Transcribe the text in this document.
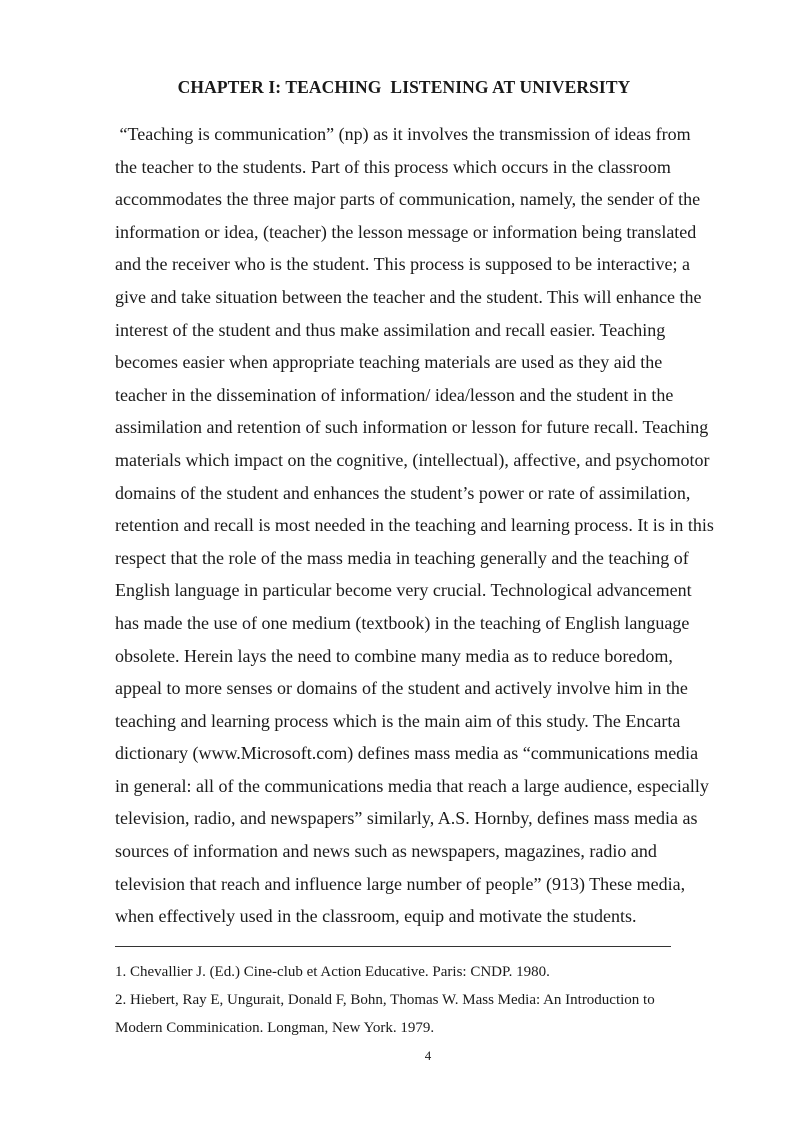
CHAPTER I: TEACHING  LISTENING AT UNIVERSITY
“Teaching is communication” (np) as it involves the transmission of ideas from
the teacher to the students. Part of this process which occurs in the classroom
accommodates the three major parts of communication, namely, the sender of the
information or idea, (teacher) the lesson message or information being translated
and the receiver who is the student. This process is supposed to be interactive; a
give and take situation between the teacher and the student. This will enhance the
interest of the student and thus make assimilation and recall easier. Teaching
becomes easier when appropriate teaching materials are used as they aid the
teacher in the dissemination of information/ idea/lesson and the student in the
assimilation and retention of such information or lesson for future recall. Teaching
materials which impact on the cognitive, (intellectual), affective, and psychomotor
domains of the student and enhances the student’s power or rate of assimilation,
retention and recall is most needed in the teaching and learning process. It is in this
respect that the role of the mass media in teaching generally and the teaching of
English language in particular become very crucial. Technological advancement
has made the use of one medium (textbook) in the teaching of English language
obsolete. Herein lays the need to combine many media as to reduce boredom,
appeal to more senses or domains of the student and actively involve him in the
teaching and learning process which is the main aim of this study. The Encarta
dictionary (www.Microsoft.com) defines mass media as “communications media
in general: all of the communications media that reach a large audience, especially
television, radio, and newspapers” similarly, A.S. Hornby, defines mass media as
sources of information and news such as newspapers, magazines, radio and
television that reach and influence large number of people” (913) These media,
when effectively used in the classroom, equip and motivate the students.
1. Chevallier J. (Ed.) Cine-club et Action Educative. Paris: CNDP. 1980.
2. Hiebert, Ray E, Ungurait, Donald F, Bohn, Thomas W. Mass Media: An Introduction to
Modern Comminication. Longman, New York. 1979.
4
